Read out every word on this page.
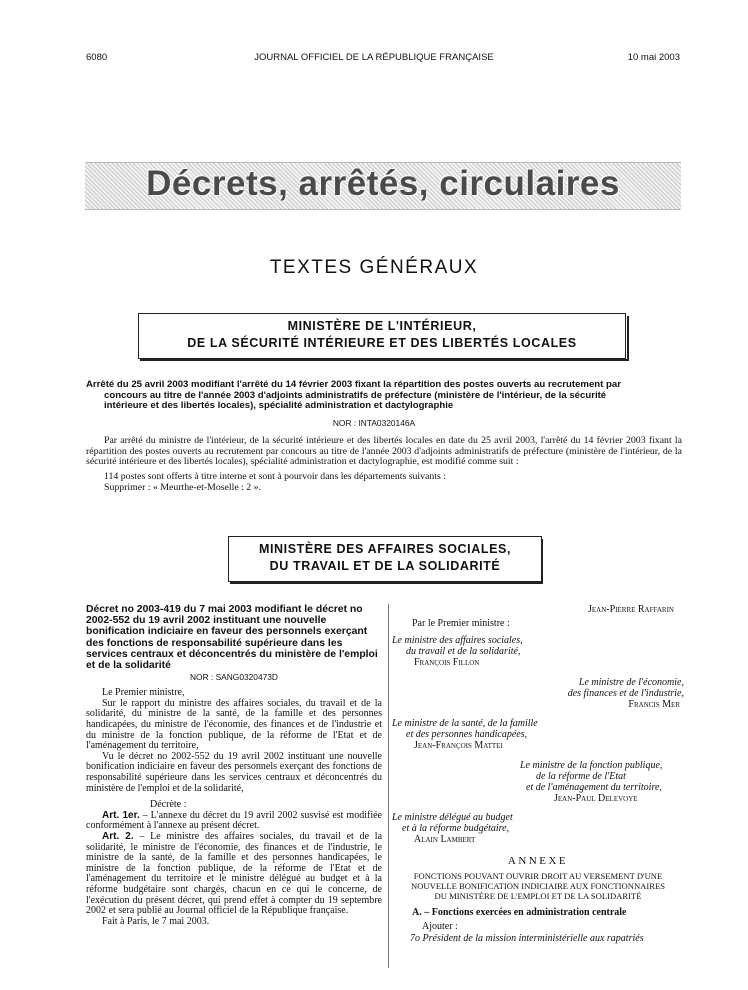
6080	JOURNAL OFFICIEL DE LA RÉPUBLIQUE FRANÇAISE	10 mai 2003
Décrets, arrêtés, circulaires
TEXTES GÉNÉRAUX
MINISTÈRE DE L'INTÉRIEUR,
DE LA SÉCURITÉ INTÉRIEURE ET DES LIBERTÉS LOCALES
Arrêté du 25 avril 2003 modifiant l'arrêté du 14 février 2003 fixant la répartition des postes ouverts au recrutement par
concours au titre de l'année 2003 d'adjoints administratifs de préfecture (ministère de l'intérieur, de la sécurité
intérieure et des libertés locales), spécialité administration et dactylographie
NOR : INTA0320146A

Par arrêté du ministre de l'intérieur, de la sécurité intérieure et des libertés locales en date du 25 avril 2003, l'arrêté du 14 février 2003 fixant la répartition des postes ouverts au recrutement par concours au titre de l'année 2003 d'adjoints administratifs de préfecture (ministère de l'intérieur, de la sécurité intérieure et des libertés locales), spécialité administration et dactylographie, est modifié comme suit :

114 postes sont offerts à titre interne et sont à pourvoir dans les départements suivants :

Supprimer : « Meurthe-et-Moselle : 2 ».

MINISTÈRE DES AFFAIRES SOCIALES,
DU TRAVAIL ET DE LA SOLIDARITÉ
Décret no 2003-419 du 7 mai 2003 modifiant le décret no 2002-552 du 19 avril 2002 instituant une nouvelle bonification indiciaire en faveur des personnels exerçant des fonctions de responsabilité supérieure dans les services centraux et déconcentrés du ministère de l'emploi et de la solidarité
NOR : SANG0320473D

Le Premier ministre,

Sur le rapport du ministre des affaires sociales, du travail et de la solidarité, du ministre de la santé, de la famille et des personnes handicapées, du ministre de l'économie, des finances et de l'industrie et du ministre de la fonction publique, de la réforme de l'Etat et de l'aménagement du territoire,

Vu le décret no 2002-552 du 19 avril 2002 instituant une nouvelle bonification indiciaire en faveur des personnels exerçant des fonctions de responsabilité supérieure dans les services centraux et déconcentrés du ministère de l'emploi et de la solidarité,

Décrète :

Art. 1er. – L'annexe du décret du 19 avril 2002 susvisé est modifiée conformément à l'annexe au présent décret.

Art. 2. – Le ministre des affaires sociales, du travail et de la solidarité, le ministre de l'économie, des finances et de l'industrie, le ministre de la santé, de la famille et des personnes handicapées, le ministre de la fonction publique, de la réforme de l'Etat et de l'aménagement du territoire et le ministre délégué au budget et à la réforme budgétaire sont chargés, chacun en ce qui le concerne, de l'exécution du présent décret, qui prend effet à compter du 19 septembre 2002 et sera publié au Journal officiel de la République française.

Fait à Paris, le 7 mai 2003.

Jean-Pierre Raffarin
Par le Premier ministre :
Le ministre des affaires sociales,
du travail et de la solidarité,
François Fillon
Le ministre de l'économie,
des finances et de l'industrie,
Francis Mer
Le ministre de la santé, de la famille
et des personnes handicapées,
Jean-François Mattei
Le ministre de la fonction publique,
de la réforme de l'Etat
et de l'aménagement du territoire,
Jean-Paul Delevoye
Le ministre délégué au budget
et à la réforme budgétaire,
Alain Lambert
ANNEXE
FONCTIONS POUVANT OUVRIR DROIT AU VERSEMENT D'UNE
NOUVELLE BONIFICATION INDICIAIRE AUX FONCTIONNAIRES
DU MINISTÈRE DE L'EMPLOI ET DE LA SOLIDARITÉ
A. – Fonctions exercées en administration centrale
Ajouter :
7o Président de la mission interministérielle aux rapatriés
